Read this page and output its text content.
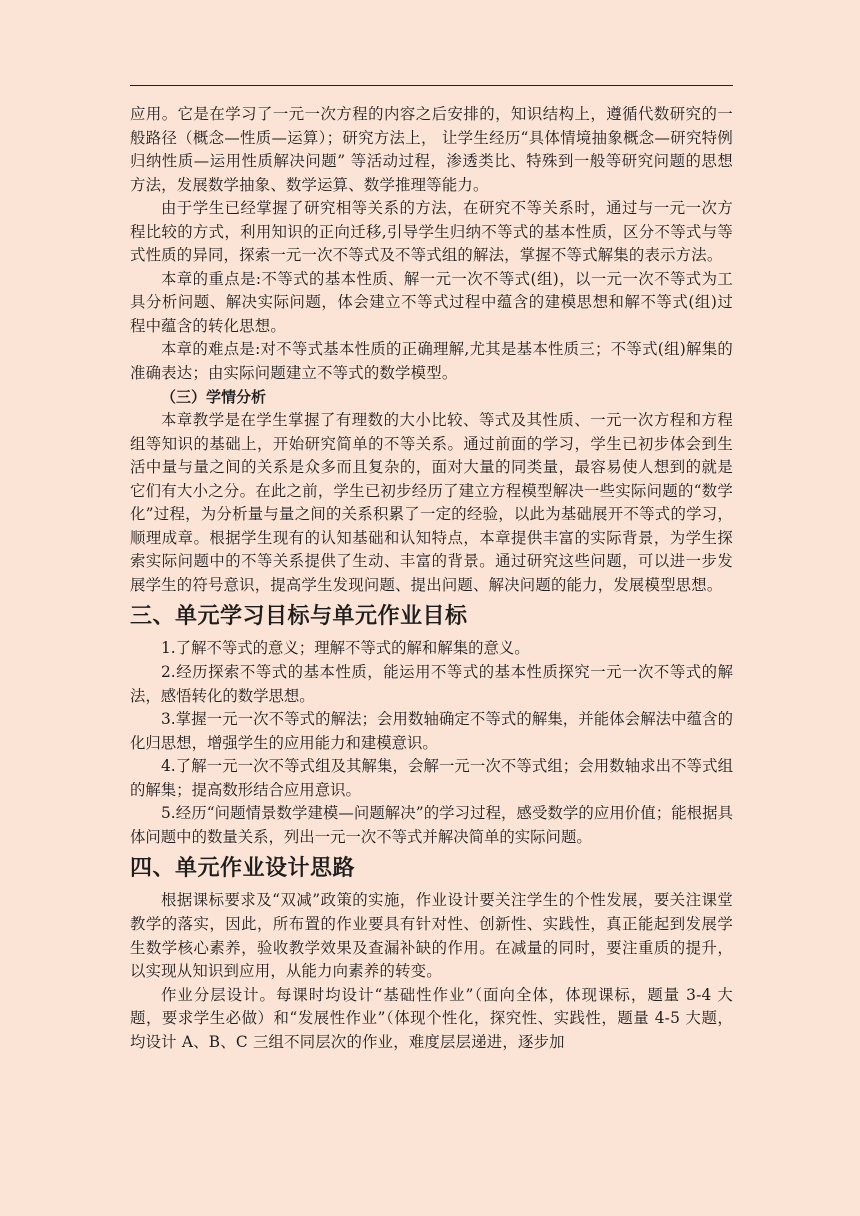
应用。它是在学习了一元一次方程的内容之后安排的，知识结构上，遵循代数研究的一般路径（概念—性质—运算）；研究方法上， 让学生经历“具体情境抽象概念—研究特例归纳性质—运用性质解决问题” 等活动过程，渗透类比、特殊到一般等研究问题的思想方法，发展数学抽象、数学运算、数学推理等能力。

由于学生已经掌握了研究相等关系的方法，在研究不等关系时，通过与一元一次方程比较的方式，利用知识的正向迁移,引导学生归纳不等式的基本性质，区分不等式与等式性质的异同，探索一元一次不等式及不等式组的解法，掌握不等式解集的表示方法。

本章的重点是:不等式的基本性质、解一元一次不等式(组)，以一元一次不等式为工具分析问题、解决实际问题，体会建立不等式过程中蕴含的建模思想和解不等式(组)过程中蕴含的转化思想。

本章的难点是:对不等式基本性质的正确理解,尤其是基本性质三；不等式(组)解集的准确表达；由实际问题建立不等式的数学模型。

（三）学情分析

本章教学是在学生掌握了有理数的大小比较、等式及其性质、一元一次方程和方程组等知识的基础上，开始研究简单的不等关系。通过前面的学习，学生已初步体会到生活中量与量之间的关系是众多而且复杂的，面对大量的同类量，最容易使人想到的就是它们有大小之分。在此之前，学生已初步经历了建立方程模型解决一些实际问题的“数学化”过程，为分析量与量之间的关系积累了一定的经验，以此为基础展开不等式的学习，顺理成章。根据学生现有的认知基础和认知特点，本章提供丰富的实际背景，为学生探索实际问题中的不等关系提供了生动、丰富的背景。通过研究这些问题，可以进一步发展学生的符号意识，提高学生发现问题、提出问题、解决问题的能力，发展模型思想。

三、单元学习目标与单元作业目标

1.了解不等式的意义；理解不等式的解和解集的意义。

2.经历探索不等式的基本性质，能运用不等式的基本性质探究一元一次不等式的解法，感悟转化的数学思想。

3.掌握一元一次不等式的解法；会用数轴确定不等式的解集，并能体会解法中蕴含的化归思想，增强学生的应用能力和建模意识。

4.了解一元一次不等式组及其解集，会解一元一次不等式组；会用数轴求出不等式组的解集；提高数形结合应用意识。

5.经历“问题情景数学建模—问题解决”的学习过程，感受数学的应用价值；能根据具体问题中的数量关系，列出一元一次不等式并解决简单的实际问题。

四、单元作业设计思路

根据课标要求及“双减”政策的实施，作业设计要关注学生的个性发展，要关注课堂教学的落实，因此，所布置的作业要具有针对性、创新性、实践性，真正能起到发展学生数学核心素养，验收教学效果及查漏补缺的作用。在减量的同时，要注重质的提升，以实现从知识到应用，从能力向素养的转变。

作业分层设计。每课时均设计“基础性作业”（面向全体，体现课标，题量 3-4 大题，要求学生必做）和“发展性作业”（体现个性化，探究性、实践性，题量 4-5 大题，均设计 A、B、C 三组不同层次的作业，难度层层递进，逐步加
